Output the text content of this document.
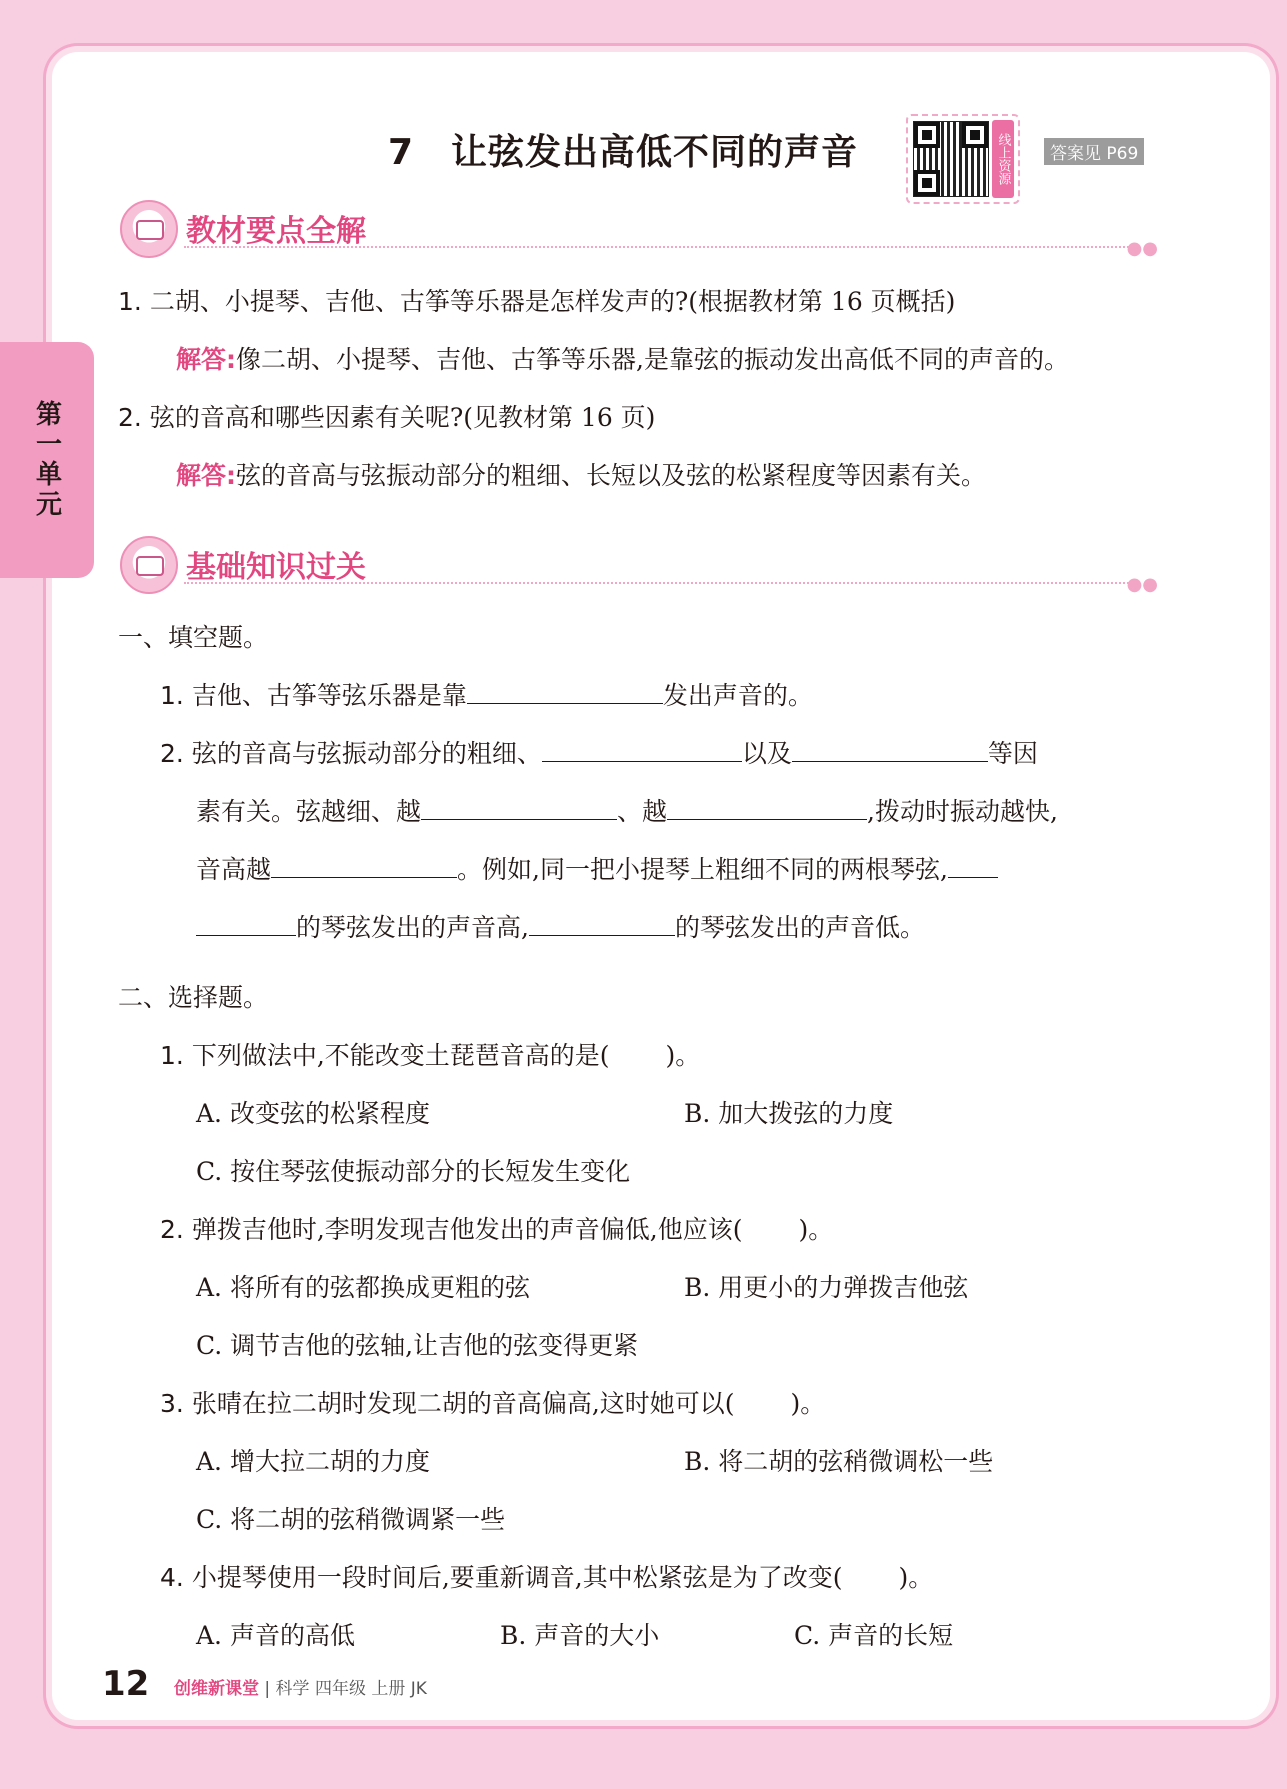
第一单元
7　让弦发出高低不同的声音	线上资源	答案见 P69
教材要点全解	●●
1. 二胡、小提琴、吉他、古筝等乐器是怎样发声的?(根据教材第 16 页概括)
解答:像二胡、小提琴、吉他、古筝等乐器,是靠弦的振动发出高低不同的声音的。
2. 弦的音高和哪些因素有关呢?(见教材第 16 页)
解答:弦的音高与弦振动部分的粗细、长短以及弦的松紧程度等因素有关。
基础知识过关	●●
一、填空题。
1. 吉他、古筝等弦乐器是靠	发出声音的。
2. 弦的音高与弦振动部分的粗细、	以及	等因
素有关。弦越细、越	、越	,拨动时振动越快,
音高越	。例如,同一把小提琴上粗细不同的两根琴弦,
的琴弦发出的声音高,	的琴弦发出的声音低。
二、选择题。
1. 下列做法中,不能改变土琵琶音高的是( )。
A. 改变弦的松紧程度	B. 加大拨弦的力度
C. 按住琴弦使振动部分的长短发生变化
2. 弹拨吉他时,李明发现吉他发出的声音偏低,他应该( )。
A. 将所有的弦都换成更粗的弦	B. 用更小的力弹拨吉他弦
C. 调节吉他的弦轴,让吉他的弦变得更紧
3. 张晴在拉二胡时发现二胡的音高偏高,这时她可以( )。
A. 增大拉二胡的力度	B. 将二胡的弦稍微调松一些
C. 将二胡的弦稍微调紧一些
4. 小提琴使用一段时间后,要重新调音,其中松紧弦是为了改变( )。
A. 声音的高低	B. 声音的大小	C. 声音的长短
12 创维新课堂 | 科学 四年级 上册 JK
